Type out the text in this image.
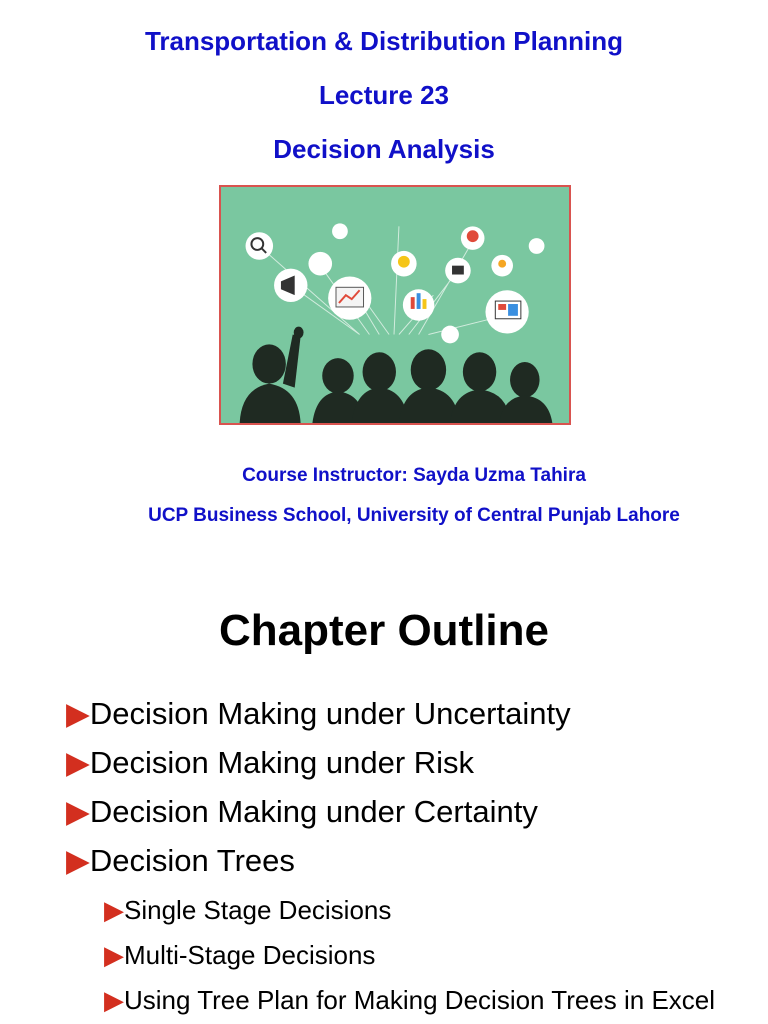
Transportation & Distribution Planning
Lecture 23
Decision Analysis

Course Instructor: Sayda Uzma Tahira

UCP Business School, University of Central Punjab Lahore

Chapter Outline

▶Decision Making under Uncertainty

▶Decision Making under Risk

▶Decision Making under Certainty

▶Decision Trees

▶Single Stage Decisions

▶Multi-Stage Decisions

▶Using Tree Plan for Making Decision Trees in Excel
